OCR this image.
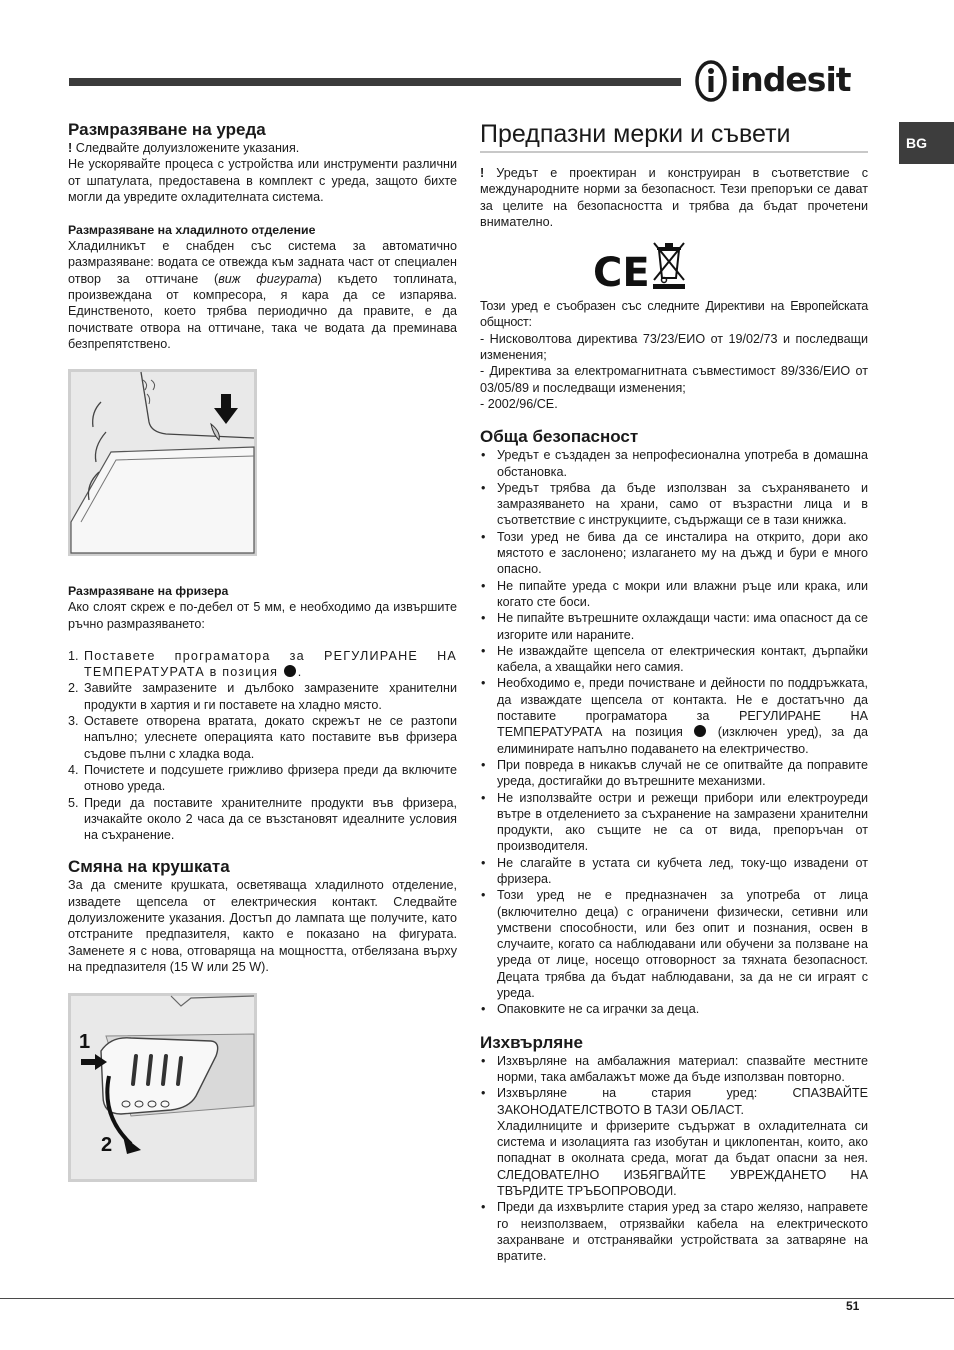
indesit
BG
Размразяване на уреда

! Следвайте долуизложените указания.

Не ускорявайте процеса с устройства или инструменти различни от шпатулата, предоставена в комплект с уреда, защото бихте могли да увредите охладителната система.

Размразяване на хладилното отделение

Хладилникът е снабден със система за автоматично размразяване: водата се отвежда към задната част от специален отвор за оттичане (виж фигурата) където топлината, произвеждана от компресора, я кара да се изпарява. Единственото, което трябва периодично да правите, е да почиствате отвора на оттичане, така че водата да преминава безпрепятствено.

Размразяване на фризера

Ако слоят скреж е по-дебел от 5 мм, е необходимо да извършите ръчно размразяването:

1. Поставете програматора за РЕГУЛИРАНЕ НА ТЕМПЕРАТУРАТА в позиция .
2. Завийте замразените и дълбоко замразените хранителни продукти в хартия и ги поставете на хладно място.
3. Оставете отворена вратата, докато скрежът не се разтопи напълно; улеснете операцията като поставите във фризера съдове пълни с хладка вода.
4. Почистете и подсушете грижливо фризера преди да включите отново уреда.
5. Преди да поставите хранителните продукти във фризера, изчакайте около 2 часа да се възстановят идеалните условия на съхранение.
Смяна на крушката

За да смените крушката, осветяваща хладилното отделение, извадете щепсела от електрическия контакт. Следвайте долуизложените указания. Достъп до лампата ще получите, като отстраните предпазителя, както е показано на фигурата. Заменете я с нова, отговаряща на мощността, отбелязана върху на предпазителя (15 W или 25 W).

1
2
Предпазни мерки и съвети

! Уредът е проектиран и конструиран в съответствие с международните норми за безопасност. Тези препоръки се дават за целите на безопасността и трябва да бъдат прочетени внимателно.

CE

Този уред е съобразен със следните Директиви на Европейската общност:

- Нисковолтова директива 73/23/ЕИО от 19/02/73 и последващи изменения;

- Директива за електромагнитната съвместимост 89/336/ЕИО от 03/05/89 и последващи изменения;

- 2002/96/CE.

Обща безопасност
• Уредът е създаден за непрофесионална употреба в домашна обстановка.
• Уредът трябва да бъде използван за съхраняването и замразяването на храни, само от възрастни лица и в съответствие с инструкциите, съдържащи се в тази книжка.
• Този уред не бива да се инсталира на открито, дори ако мястото е заслонено; излагането му на дъжд и бури е много опасно.
• Не пипайте уреда с мокри или влажни ръце или крака, или когато сте боси.
• Не пипайте вътрешните охлаждащи части: има опасност да се изгорите или нараните.
• Не изваждайте щепсела от електрическия контакт, дърпайки кабела, а хващайки него самия.
• Необходимо е, преди почистване и дейности по поддръжката, да изваждате щепсела от контакта. Не е достатъчно да поставите програматора за РЕГУЛИРАНЕ НА ТЕМПЕРАТУРАТА на позиция	(изключен уред), за да елиминирате напълно подаването на електричество.
• При повреда в никакъв случай не се опитвайте да поправите уреда, достигайки до вътрешните механизми.
• Не използвайте остри и режещи прибори или електроуреди вътре в отделението за съхранение на замразени хранителни продукти, ако същите не са от вида, препоръчан от производителя.
• Не слагайте в устата си кубчета лед, току-що извадени от фризера.
• Този уред не е предназначен за употреба от лица (включително деца) с ограничени физически, сетивни или умствени способности, или без опит и познания, освен в случаите, когато са наблюдавани или обучени за ползване на уреда от лице, носещо отговорност за тяхната безопасност. Децата трябва да бъдат наблюдавани, за да не си играят с уреда.
• Опаковките не са играчки за деца.
Изхвърляне
• Изхвърляне на амбалажния материал: спазвайте местните норми, така амбалажът може да бъде използван повторно.
• Изхвърляне на стария уред: СПАЗВАЙТЕ ЗАКОНОДАТЕЛСТВОТО В ТАЗИ ОБЛАСТ.
Хладилниците и фризерите съдържат в охладителната си система и изолацията газ изобутан и циклопентан, които, ако попаднат в околната среда, могат да бъдат опасни за нея. СЛЕДОВАТЕЛНО ИЗБЯГВАЙТЕ УВРЕЖДАНЕТО НА ТВЪРДИТЕ ТРЪБОПРОВОДИ.
• Преди да изхвърлите стария уред за старо желязо, направете го неизползваем, отрязвайки кабела на електрическото захранване и отстранявайки устройствата за затваряне на вратите.
51
